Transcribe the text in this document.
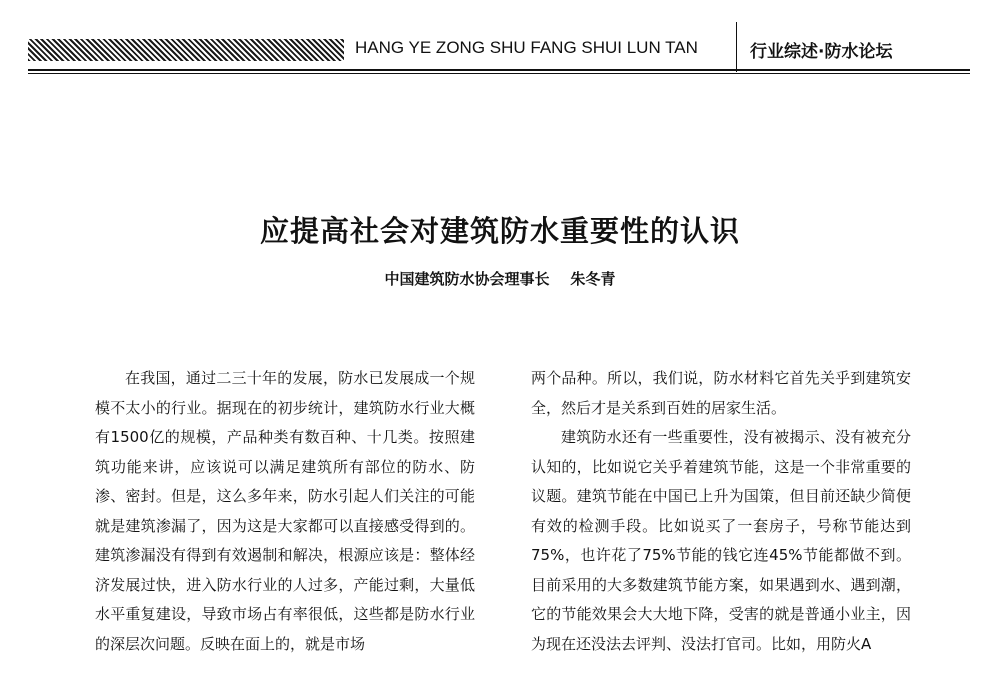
HANG YE ZONG SHU FANG SHUI LUN TAN	行业综述·防水论坛
应提高社会对建筑防水重要性的认识
中国建筑防水协会理事长    朱冬青

在我国，通过二三十年的发展，防水已发展成一个规模不太小的行业。据现在的初步统计，建筑防水行业大概有1500亿的规模，产品种类有数百种、十几类。按照建筑功能来讲，应该说可以满足建筑所有部位的防水、防渗、密封。但是，这么多年来，防水引起人们关注的可能就是建筑渗漏了，因为这是大家都可以直接感受得到的。建筑渗漏没有得到有效遏制和解决，根源应该是：整体经济发展过快，进入防水行业的人过多，产能过剩，大量低水平重复建设，导致市场占有率很低，这些都是防水行业的深层次问题。反映在面上的，就是市场

两个品种。所以，我们说，防水材料它首先关乎到建筑安全，然后才是关系到百姓的居家生活。

建筑防水还有一些重要性，没有被揭示、没有被充分认知的，比如说它关乎着建筑节能，这是一个非常重要的议题。建筑节能在中国已上升为国策，但目前还缺少简便有效的检测手段。比如说买了一套房子，号称节能达到75%，也许花了75%节能的钱它连45%节能都做不到。目前采用的大多数建筑节能方案，如果遇到水、遇到潮，它的节能效果会大大地下降，受害的就是普通小业主，因为现在还没法去评判、没法打官司。比如，用防火A
